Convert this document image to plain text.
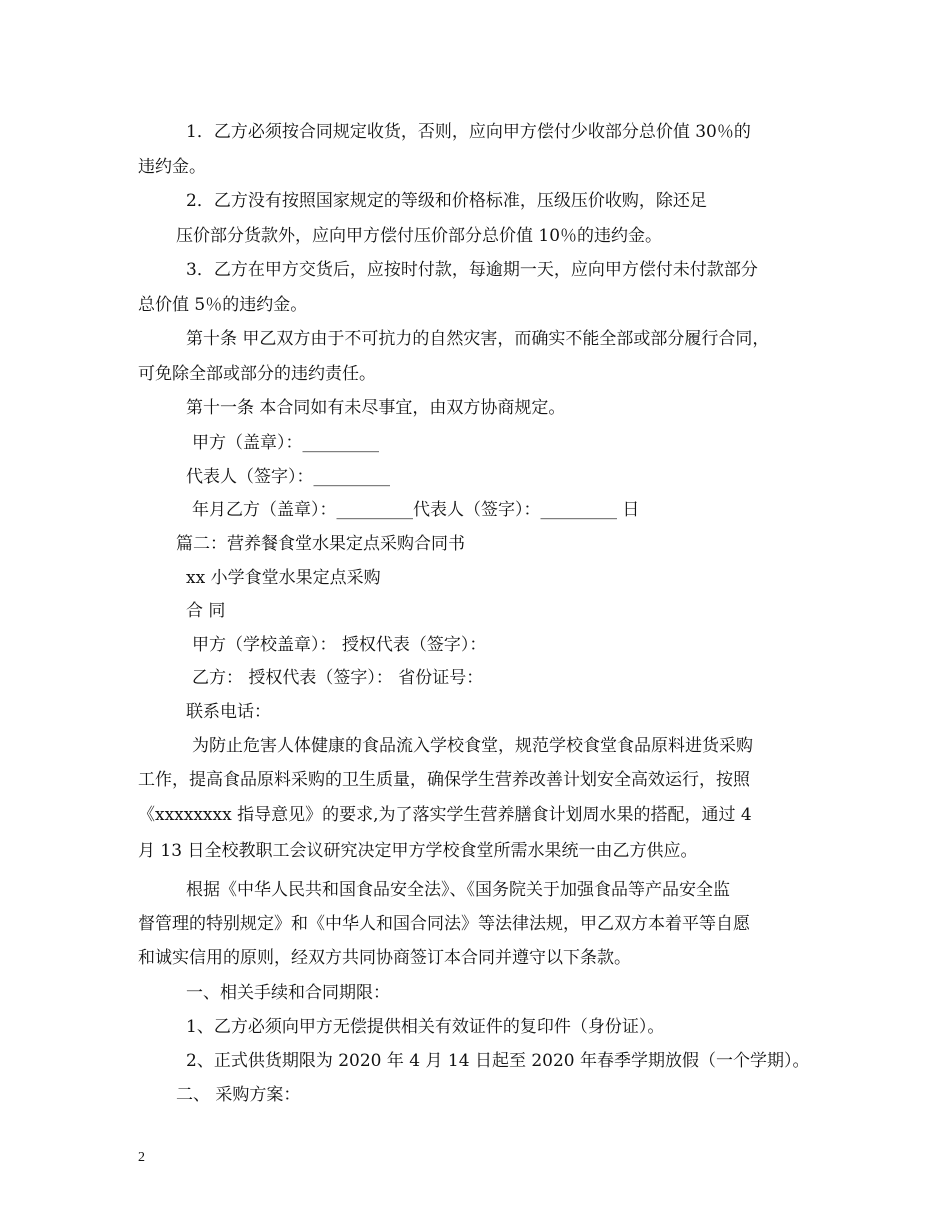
1．乙方必须按合同规定收货，否则，应向甲方偿付少收部分总价值 30％的
违约金。
2．乙方没有按照国家规定的等级和价格标准，压级压价收购，除还足
压价部分货款外，应向甲方偿付压价部分总价值 10％的违约金。
3．乙方在甲方交货后，应按时付款，每逾期一天，应向甲方偿付未付款部分
总价值 5％的违约金。
第十条 甲乙双方由于不可抗力的自然灾害，而确实不能全部或部分履行合同，
可免除全部或部分的违约责任。
第十一条 本合同如有未尽事宜，由双方协商规定。
甲方（盖章）：_________
代表人（签字）：_________
年月乙方（盖章）：_________代表人（签字）：_________ 日
篇二：营养餐食堂水果定点采购合同书
xx 小学食堂水果定点采购
合 同
甲方（学校盖章）： 授权代表（签字）：
乙方： 授权代表（签字）： 省份证号：
联系电话：
为防止危害人体健康的食品流入学校食堂，规范学校食堂食品原料进货采购
工作，提高食品原料采购的卫生质量，确保学生营养改善计划安全高效运行，按照
《xxxxxxxx 指导意见》的要求,为了落实学生营养膳食计划周水果的搭配，通过 4
月 13 日全校教职工会议研究决定甲方学校食堂所需水果统一由乙方供应。
根据《中华人民共和国食品安全法》、《国务院关于加强食品等产品安全监
督管理的特别规定》和《中华人和国合同法》等法律法规，甲乙双方本着平等自愿
和诚实信用的原则，经双方共同协商签订本合同并遵守以下条款。
一、相关手续和合同期限：
1、乙方必须向甲方无偿提供相关有效证件的复印件（身份证）。
2、正式供货期限为 2020 年 4 月 14 日起至 2020 年春季学期放假（一个学期）。
二、 采购方案：
2
